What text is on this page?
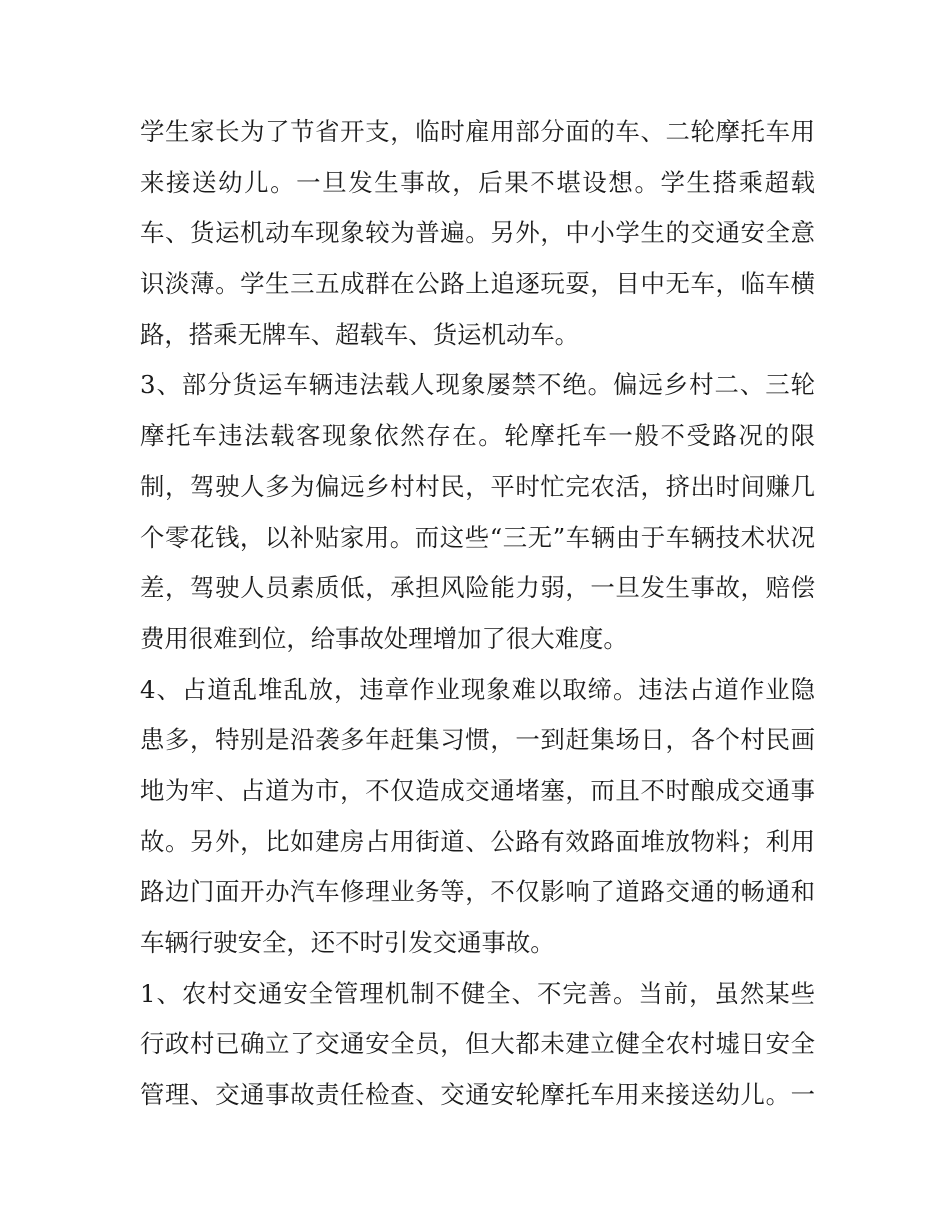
学生家长为了节省开支，临时雇用部分面的车、二轮摩托车用
来接送幼儿。一旦发生事故，后果不堪设想。学生搭乘超载
车、货运机动车现象较为普遍。另外，中小学生的交通安全意
识淡薄。学生三五成群在公路上追逐玩耍，目中无车，临车横
路，搭乘无牌车、超载车、货运机动车。
3、部分货运车辆违法载人现象屡禁不绝。偏远乡村二、三轮
摩托车违法载客现象依然存在。轮摩托车一般不受路况的限
制，驾驶人多为偏远乡村村民，平时忙完农活，挤出时间赚几
个零花钱，以补贴家用。而这些“三无”车辆由于车辆技术状况
差，驾驶人员素质低，承担风险能力弱，一旦发生事故，赔偿
费用很难到位，给事故处理增加了很大难度。
4、占道乱堆乱放，违章作业现象难以取缔。违法占道作业隐
患多，特别是沿袭多年赶集习惯，一到赶集场日，各个村民画
地为牢、占道为市，不仅造成交通堵塞，而且不时酿成交通事
故。另外，比如建房占用街道、公路有效路面堆放物料；利用
路边门面开办汽车修理业务等，不仅影响了道路交通的畅通和
车辆行驶安全，还不时引发交通事故。
1、农村交通安全管理机制不健全、不完善。当前，虽然某些
行政村已确立了交通安全员，但大都未建立健全农村墟日安全
管理、交通事故责任检查、交通安轮摩托车用来接送幼儿。一
